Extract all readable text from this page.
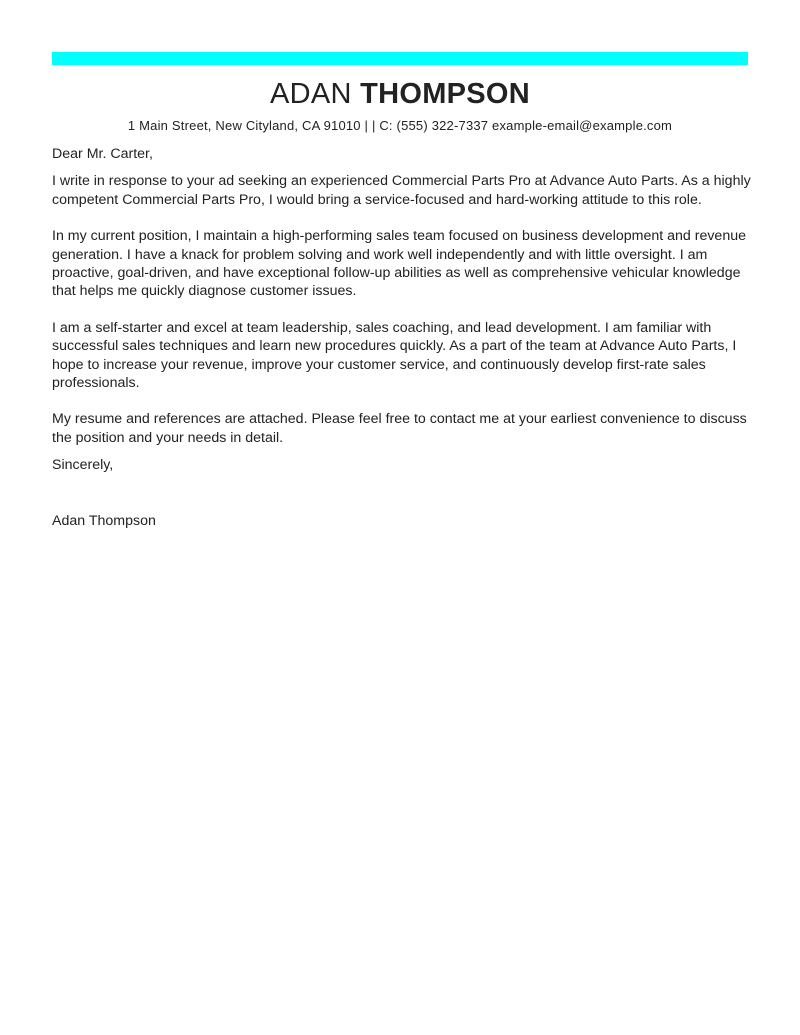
ADAN THOMPSON
1 Main Street, New Cityland, CA 91010 | | C: (555) 322-7337 example-email@example.com

Dear Mr. Carter,

I write in response to your ad seeking an experienced Commercial Parts Pro at Advance Auto Parts. As a highly competent Commercial Parts Pro, I would bring a service-focused and hard-working attitude to this role.

In my current position, I maintain a high-performing sales team focused on business development and revenue generation. I have a knack for problem solving and work well independently and with little oversight. I am proactive, goal-driven, and have exceptional follow-up abilities as well as comprehensive vehicular knowledge that helps me quickly diagnose customer issues.

I am a self-starter and excel at team leadership, sales coaching, and lead development. I am familiar with successful sales techniques and learn new procedures quickly. As a part of the team at Advance Auto Parts, I hope to increase your revenue, improve your customer service, and continuously develop first-rate sales professionals.

My resume and references are attached. Please feel free to contact me at your earliest convenience to discuss the position and your needs in detail.

Sincerely,

Adan Thompson
